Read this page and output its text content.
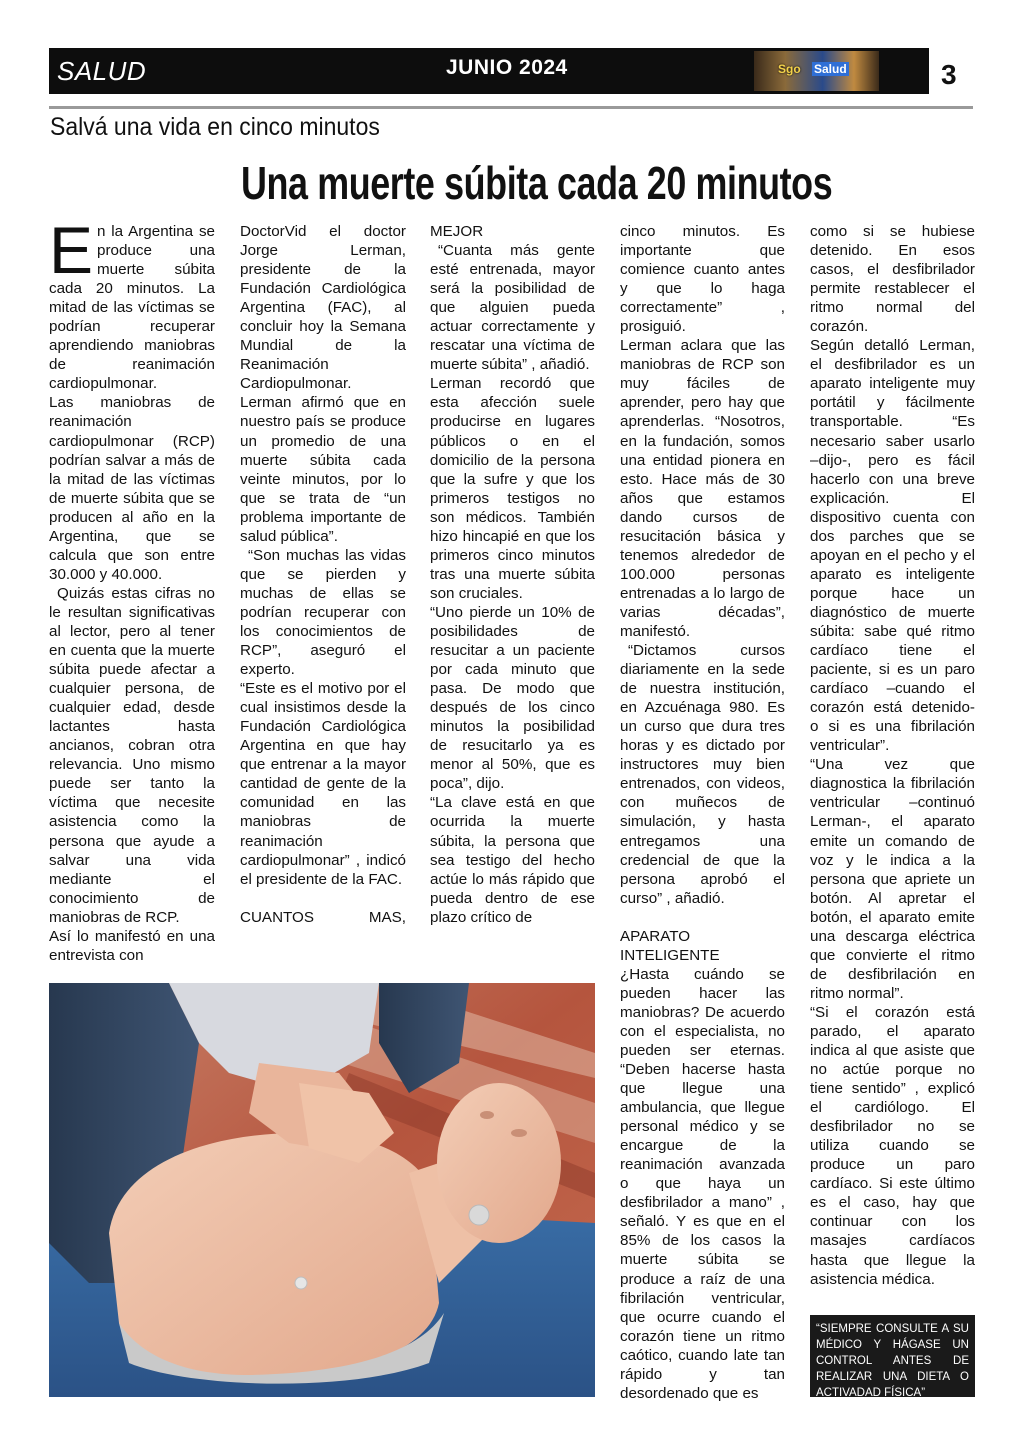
SALUD	JUNIO 2024	Sgo Salud	3
Salvá una vida en cinco minutos
Una muerte súbita cada 20 minutos

En la Argentina se produce una muerte súbita cada 20 minutos. La mitad de las víctimas se podrían recuperar aprendiendo maniobras de reanimación cardiopulmonar.

Las maniobras de reanimación cardiopulmonar (RCP) podrían salvar a más de la mitad de las víctimas de muerte súbita que se producen al año en la Argentina, que se calcula que son entre 30.000 y 40.000.

Quizás estas cifras no le resultan significativas al lector, pero al tener en cuenta que la muerte súbita puede afectar a cualquier persona, de cualquier edad, desde lactantes hasta ancianos, cobran otra relevancia. Uno mismo puede ser tanto la víctima que necesite asistencia como la persona que ayude a salvar una vida mediante el conocimiento de maniobras de RCP.

Así lo manifestó en una entrevista con

DoctorVid el doctor Jorge Lerman, presidente de la Fundación Cardiológica Argentina (FAC), al concluir hoy la Semana Mundial de la Reanimación Cardiopulmonar.

Lerman afirmó que en nuestro país se produce un promedio de una muerte súbita cada veinte minutos, por lo que se trata de “un problema importante de salud pública”.

“Son muchas las vidas que se pierden y muchas de ellas se podrían recuperar con los conocimientos de RCP”, aseguró el experto.

“Este es el motivo por el cual insistimos desde la Fundación Cardiológica Argentina en que hay que entrenar a la mayor cantidad de gente de la comunidad en las maniobras de reanimación cardiopulmonar” , indicó el presidente de la FAC.

CUANTOS MAS,

MEJOR

“Cuanta más gente esté entrenada, mayor será la posibilidad de que alguien pueda actuar correctamente y rescatar una víctima de muerte súbita” , añadió.

Lerman recordó que esta afección suele producirse en lugares públicos o en el domicilio de la persona que la sufre y que los primeros testigos no son médicos. También hizo hincapié en que los primeros cinco minutos tras una muerte súbita son cruciales.

“Uno pierde un 10% de posibilidades de resucitar a un paciente por cada minuto que pasa. De modo que después de los cinco minutos la posibilidad de resucitarlo ya es menor al 50%, que es poca”, dijo.

“La clave está en que ocurrida la muerte súbita, la persona que sea testigo del hecho actúe lo más rápido que pueda dentro de ese plazo crítico de

cinco minutos. Es importante que comience cuanto antes y que lo haga correctamente” , prosiguió.

Lerman aclara que las maniobras de RCP son muy fáciles de aprender, pero hay que aprenderlas. “Nosotros, en la fundación, somos una entidad pionera en esto. Hace más de 30 años que estamos dando cursos de resucitación básica y tenemos alrededor de 100.000 personas entrenadas a lo largo de varias décadas”, manifestó.

“Dictamos cursos diariamente en la sede de nuestra institución, en Azcuénaga 980. Es un curso que dura tres horas y es dictado por instructores muy bien entrenados, con videos, con muñecos de simulación, y hasta entregamos una credencial de que la persona aprobó el curso” , añadió.

APARATO INTELIGENTE

¿Hasta cuándo se pueden hacer las maniobras? De acuerdo con el especialista, no pueden ser eternas. “Deben hacerse hasta que llegue una ambulancia, que llegue personal médico y se encargue de la reanimación avanzada o que haya un desfibrilador a mano” , señaló. Y es que en el 85% de los casos la muerte súbita se produce a raíz de una fibrilación ventricular, que ocurre cuando el corazón tiene un ritmo caótico, cuando late tan rápido y tan desordenado que es

como si se hubiese detenido. En esos casos, el desfibrilador permite restablecer el ritmo normal del corazón.

Según detalló Lerman, el desfibrilador es un aparato inteligente muy portátil y fácilmente transportable. “Es necesario saber usarlo –dijo-, pero es fácil hacerlo con una breve explicación. El dispositivo cuenta con dos parches que se apoyan en el pecho y el aparato es inteligente porque hace un diagnóstico de muerte súbita: sabe qué ritmo cardíaco tiene el paciente, si es un paro cardíaco –cuando el corazón está detenido- o si es una fibrilación ventricular”.

“Una vez que diagnostica la fibrilación ventricular –continuó Lerman-, el aparato emite un comando de voz y le indica a la persona que apriete un botón. Al apretar el botón, el aparato emite una descarga eléctrica que convierte el ritmo de desfibrilación en ritmo normal”.

“Si el corazón está parado, el aparato indica al que asiste que no actúe porque no tiene sentido” , explicó el cardiólogo. El desfibrilador no se utiliza cuando se produce un paro cardíaco. Si este último es el caso, hay que continuar con los masajes cardíacos hasta que llegue la asistencia médica.

“SIEMPRE CONSULTE A SU MÉDICO Y HÁGASE UN CONTROL ANTES DE REALIZAR UNA DIETA O ACTIVADAD FÍSICA”
